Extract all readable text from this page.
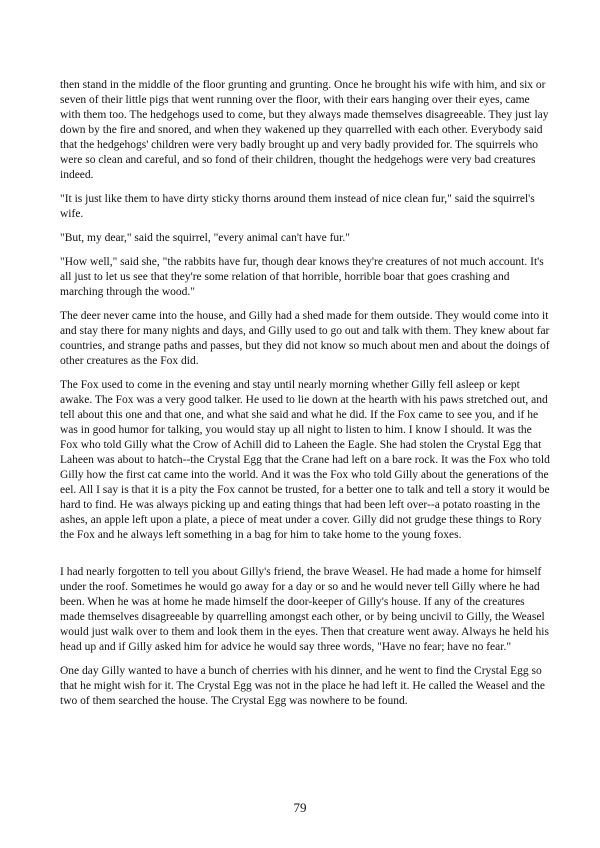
then stand in the middle of the floor grunting and grunting. Once he brought his wife with him, and six or seven of their little pigs that went running over the floor, with their ears hanging over their eyes, came with them too. The hedgehogs used to come, but they always made themselves disagreeable. They just lay down by the fire and snored, and when they wakened up they quarrelled with each other. Everybody said that the hedgehogs' children were very badly brought up and very badly provided for. The squirrels who were so clean and careful, and so fond of their children, thought the hedgehogs were very bad creatures indeed.

"It is just like them to have dirty sticky thorns around them instead of nice clean fur," said the squirrel's wife.

"But, my dear," said the squirrel, "every animal can't have fur."

"How well," said she, "the rabbits have fur, though dear knows they're creatures of not much account. It's all just to let us see that they're some relation of that horrible, horrible boar that goes crashing and marching through the wood."

The deer never came into the house, and Gilly had a shed made for them outside. They would come into it and stay there for many nights and days, and Gilly used to go out and talk with them. They knew about far countries, and strange paths and passes, but they did not know so much about men and about the doings of other creatures as the Fox did.

The Fox used to come in the evening and stay until nearly morning whether Gilly fell asleep or kept awake. The Fox was a very good talker. He used to lie down at the hearth with his paws stretched out, and tell about this one and that one, and what she said and what he did. If the Fox came to see you, and if he was in good humor for talking, you would stay up all night to listen to him. I know I should. It was the Fox who told Gilly what the Crow of Achill did to Laheen the Eagle. She had stolen the Crystal Egg that Laheen was about to hatch--the Crystal Egg that the Crane had left on a bare rock. It was the Fox who told Gilly how the first cat came into the world. And it was the Fox who told Gilly about the generations of the eel. All I say is that it is a pity the Fox cannot be trusted, for a better one to talk and tell a story it would be hard to find. He was always picking up and eating things that had been left over--a potato roasting in the ashes, an apple left upon a plate, a piece of meat under a cover. Gilly did not grudge these things to Rory the Fox and he always left something in a bag for him to take home to the young foxes.

I had nearly forgotten to tell you about Gilly's friend, the brave Weasel. He had made a home for himself under the roof. Sometimes he would go away for a day or so and he would never tell Gilly where he had been. When he was at home he made himself the door-keeper of Gilly's house. If any of the creatures made themselves disagreeable by quarrelling amongst each other, or by being uncivil to Gilly, the Weasel would just walk over to them and look them in the eyes. Then that creature went away. Always he held his head up and if Gilly asked him for advice he would say three words, "Have no fear; have no fear."

One day Gilly wanted to have a bunch of cherries with his dinner, and he went to find the Crystal Egg so that he might wish for it. The Crystal Egg was not in the place he had left it. He called the Weasel and the two of them searched the house. The Crystal Egg was nowhere to be found.

79
